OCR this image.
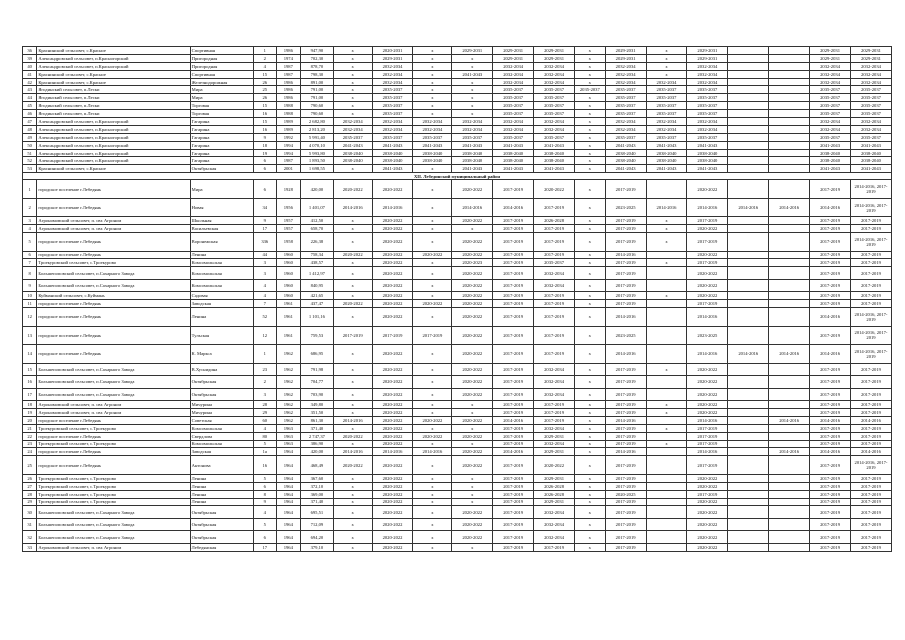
36	Краснинский сельсовет, с.Красное	Спортивная	1	1986	947,90	х	2020-2031	х	2029-2031	2029-2031	2029-2031	х	2029-2031	х	2029-2031			2029-2031	2029-2031
39	Александровский сельсовет, п.Красногорский	Пригородная	2	1974	702,30	х	2029-2031	х	х	2029-2031	2029-2031	х	2029-2031	х	2029-2031			2029-2031	2029-2031
40	Александровский сельсовет, п.Красногорский	Пригородная	4	1987	878,70	х	2032-2034	х	х	2032-2034	2032-2034	х	2032-2034	х	2032-2034			2032-2034	2032-2034
41	Краснинский сельсовет, с.Красное	Спортивная	15	1987	798,30	х	2032-2034	х	2041-2043	2032-2034	2032-2034	х	2032-2034	х	2032-2034			2032-2034	2032-2034
42	Краснинский сельсовет, с.Красное	Железнодорожная	26	1986	891,00	х	2032-2034	х	х	2032-2034	2032-2034	х	2032-2034	2032-2034	2032-2034			2032-2034	2032-2034
43	Ягодинский сельсовет, п.Лески	Мира	25	1986	791,00	х	2035-2037	х	х	2035-2037	2035-2037	2035-2037	2035-2037	2035-2037	2035-2037			2035-2037	2035-2037
44	Ягодинский сельсовет, п.Лески	Мира	26	1986	791,00	х	2035-2037	х	х	2035-2037	2035-2037	х	2035-2037	2035-2037	2035-2037			2035-2037	2035-2037
45	Ягодинский сельсовет, п.Лески	Торговая	15	1988	790,60	х	2035-2037	х	х	2035-2037	2035-2037	х	2035-2037	2035-2037	2035-2037			2035-2037	2035-2037
46	Ягодинский сельсовет, п.Лески	Торговая	16	1988	790,60	х	2035-2037	х	х	2035-2037	2035-2037	х	2035-2037	2035-2037	2035-2037			2035-2037	2035-2037
47	Александровский сельсовет, п.Красногорский	Гагарина	15	1989	2 682,80	2032-2034	2032-2034	2032-2034	2032-2034	2032-2034	2032-2034	х	2032-2034	2032-2034	2032-2034			2032-2034	2032-2034
48	Александровский сельсовет, п.Красногорский	Гагарина	16	1989	2 813,20	2032-2034	2032-2034	2032-2034	2032-2034	2032-2034	2032-2034	х	2032-2034	2032-2034	2032-2034			2032-2034	2032-2034
49	Александровский сельсовет, п.Красногорский	Гагарина	9	1992	5 991,40	2035-2037	2035-2037	2035-2037	2035-2037	2035-2037	2035-2037	х	2035-2037	2035-2037	2035-2037			2035-2037	2035-2037
50	Александровский сельсовет, п.Красногорский	Гагарина	18	1994	4 070,10	2041-2043	2041-2043	2041-2043	2041-2043	2041-2043	2041-2043	х	2041-2043	2041-2043	2041-2043			2041-2043	2041-2043
51	Александровский сельсовет, п.Красногорский	Гагарина	19	1994	5 993,80	2038-2040	2038-2040	2038-2040	2038-2040	2038-2040	2038-2040	х	2038-2040	2038-2040	2038-2040			2038-2040	2038-2040
52	Александровский сельсовет, п.Красногорский	Гагарина	6	1987	1 893,50	2038-2040	2038-2040	2038-2040	2038-2040	2038-2040	2038-2040	х	2038-2040	2038-2040	2038-2040			2038-2040	2038-2040
53	Краснинский сельсовет, с.Красное	Октябрьская	6	2001	1 698,55	х	2041-2043	х	2041-2043	2041-2043	2041-2043	х	2041-2043	2041-2043	2041-2043			2041-2043	2041-2043
XII. Лебединский муниципальный район																			
1	городское поселение г.Лебедянь	Мира	6	1928	420,00	2020-2022	2020-2022	х	2020-2022	2017-2019	2020-2022	х	2017-2019		2020-2022			2017-2019	2014-2016, 2017-2019
2	городское поселение г.Лебедянь	Новая	34	1956	1 401,07	2014-2016	2014-2016	х	2014-2016	2014-2016	2017-2019	х	2023-2025	2014-2016	2014-2016	2014-2016	2014-2016	2014-2016	2014-2016, 2017-2019
3	Агрономовский сельсовет, п. свх Агроном	Школьная	9	1957	412,50	х	2020-2022	х	2020-2022	2017-2019	2026-2028	х	2017-2019	х	2017-2019			2017-2019	2017-2019
4	Агрономовский сельсовет, п. свх Агроном	Васильевская	17	1957	658,70	х	2020-2022	х	х	2017-2019	2017-2019	х	2017-2019	х	2020-2022			2017-2019	2017-2019
5	городское поселение г.Лебедянь	Воронежская	336	1958	226,38	х	2020-2022	х	2020-2022	2017-2019	2017-2019	х	2017-2019	х	2017-2019			2017-2019	2014-2016, 2017-2019
6	городское поселение г.Лебедянь	Ленина	44	1960	758,34	2020-2022	2020-2022	2020-2022	2020-2022	2017-2019	2017-2019	х	2014-2016		2020-2022			2017-2019	2017-2019
7	Троекуровский сельсовет, с.Троекурово	Комсомольская	3	1960	438,57	х	2020-2022	х	2020-2023	2017-2019	2035-2037	х	2017-2019	х	2017-2019			2017-2019	2017-2019
8	Большепоповский сельсовет, п.Сахарного Завода	Комсомольская	3	1960	1 412,97	х	2020-2022	х	2020-2022	2017-2019	2032-2034	х	2017-2019		2020-2022			2017-2019	2017-2019
9	Большепоповский сельсовет, п.Сахарного Завода	Комсомольская	4	1960	840,95	х	2020-2022	х	2020-2022	2017-2019	2032-2034	х	2017-2019		2020-2022			2017-2019	2017-2019
10	Куйманский сельсовет, с.Куймань	Садовая	4	1960	421,65	х	2020-2022	х	2020-2022	2017-2019	2017-2019	х	2017-2019	х	2020-2022			2017-2019	2017-2019
11	городское поселение г.Лебедянь	Заводская	7	1961	437,47	2020-2022	2020-2022	2020-2022	2020-2022	2017-2019	2017-2019	х	2017-2019		2017-2019			2017-2019	2017-2019
12	городское поселение г.Лебедянь	Ленина	52	1961	1 101,16	х	2020-2022	х	2020-2022	2017-2019	2017-2019	х	2014-2016		2014-2016			2014-2016	2014-2016, 2017-2019
13	городское поселение г.Лебедянь	Тульская	12	1961	759,53	2017-2019	2017-2019	2017-2019	2020-2022	2017-2019	2017-2019	х	2023-2025		2023-2025			2017-2019	2014-2016, 2017-2019
14	городское поселение г.Лебедянь	К. Маркса	1	1962	686,95	х	2020-2022	х	2020-2022	2017-2019	2017-2019	х	2014-2016		2014-2016	2014-2016	2014-2016	2014-2016	2014-2016, 2017-2019
15	Большепоповский сельсовет, п.Сахарного Завода	В.Хуснидина	23	1962	791,98	х	2020-2022	х	2020-2022	2017-2019	2032-2034	х	2017-2019	х	2020-2022			2017-2019	2017-2019
16	Большепоповский сельсовет, п.Сахарного Завода	Октябрьская	2	1962	704,77	х	2020-2022	х	2020-2022	2017-2019	2032-2034	х	2017-2019		2020-2022			2017-2019	2017-2019
17	Большепоповский сельсовет, п.Сахарного Завода	Октябрьская	3	1962	703,90	х	2020-2022	х	2020-2022	2017-2019	2032-2034	х	2017-2019		2020-2022			2017-2019	2017-2019
18	Агрономовский сельсовет, п. свх Агроном	Мичурина	28	1962	349,80	х	2020-2022	х	х	2017-2019	2017-2019	х	2017-2019	х	2020-2022			2017-2019	2017-2019
19	Агрономовский сельсовет, п. свх Агроном	Мичурина	29	1962	351,50	х	2020-2022	х	х	2017-2019	2017-2019	х	2017-2019	х	2020-2022			2017-2019	2017-2019
20	городское поселение г.Лебедянь	Советская	60	1962	861,30	2014-2016	2020-2022	2020-2022	2020-2022	2014-2016	2017-2019	х	2014-2016		2014-2016		2014-2016	2014-2016	2014-2016
21	Троекуровский сельсовет, с.Троекурово	Комсомольская	4	1963	371,40	х	2020-2022	х	х	2017-2019	2032-2034	х	2017-2019	х	2017-2019			2017-2019	2017-2019
22	городское поселение г.Лебедянь	Свердлова	80	1963	2 747,37	2020-2022	2020-2022	2020-2022	2020-2022	2017-2019	2029-2031	х	2017-2019		2017-2019			2017-2019	2017-2019
23	Троекуровский сельсовет, с.Троекурово	Комсомольская	5	1963	386,90	х	2020-2022	х	х	2017-2019	2032-2034	х	2017-2019	х	2017-2019			2017-2019	2017-2019
24	городское поселение г.Лебедянь	Заводская	1а	1964	420,00	2014-2016	2014-2016	2014-2016	2020-2022	2014-2016	2029-2031	х	2014-2016		2014-2016		2014-2016	2014-2016	2014-2016
25	городское поселение г.Лебедянь	Антонова	16	1964	468,49	2020-2022	2020-2022	х	2020-2022	2017-2019	2020-2022	х	2017-2019		2017-2019			2017-2019	2014-2016, 2017-2019
26	Троекуровский сельсовет, с.Троекурово	Ленина	5	1964	367,60	х	2020-2022	х	х	2017-2019	2029-2031	х	2017-2019		2020-2022			2017-2019	2017-2019
27	Троекуровский сельсовет, с.Троекурово	Ленина	6	1964	372,10	х	2020-2022	х	х	2017-2019	2026-2028	х	2017-2019		2020-2022			2017-2019	2017-2019
28	Троекуровский сельсовет, с.Троекурово	Ленина	8	1964	369,00	х	2020-2022	х	х	2017-2019	2026-2028	х	2020-2025		2017-2019			2017-2019	2017-2019
29	Троекуровский сельсовет, с.Троекурово	Ленина	9	1964	371,40	х	2020-2022	х	х	2017-2019	2029-2031	х	2017-2019		2020-2022			2017-2019	2017-2019
30	Большепоповский сельсовет, п.Сахарного Завода	Октябрьская	4	1964	695,51	х	2020-2022	х	2020-2022	2017-2019	2032-2034	х	2017-2019		2020-2022			2017-2019	2017-2019
31	Большепоповский сельсовет, п.Сахарного Завода	Октябрьская	5	1964	712,09	х	2020-2022	х	2020-2022	2017-2019	2032-2034	х	2017-2019		2020-2022			2017-2019	2017-2019
32	Большепоповский сельсовет, п.Сахарного Завода	Октябрьская	6	1964	694,20	х	2020-2022	х	2020-2022	2017-2019	2032-2034	х	2017-2019		2020-2022			2017-2019	2017-2019
33	Агрономовский сельсовет, п. свх Агроном	Лебедянская	17	1964	379,10	х	2020-2022	х	х	2017-2019	2017-2019	х	2017-2019		2020-2022			2017-2019	2017-2019
